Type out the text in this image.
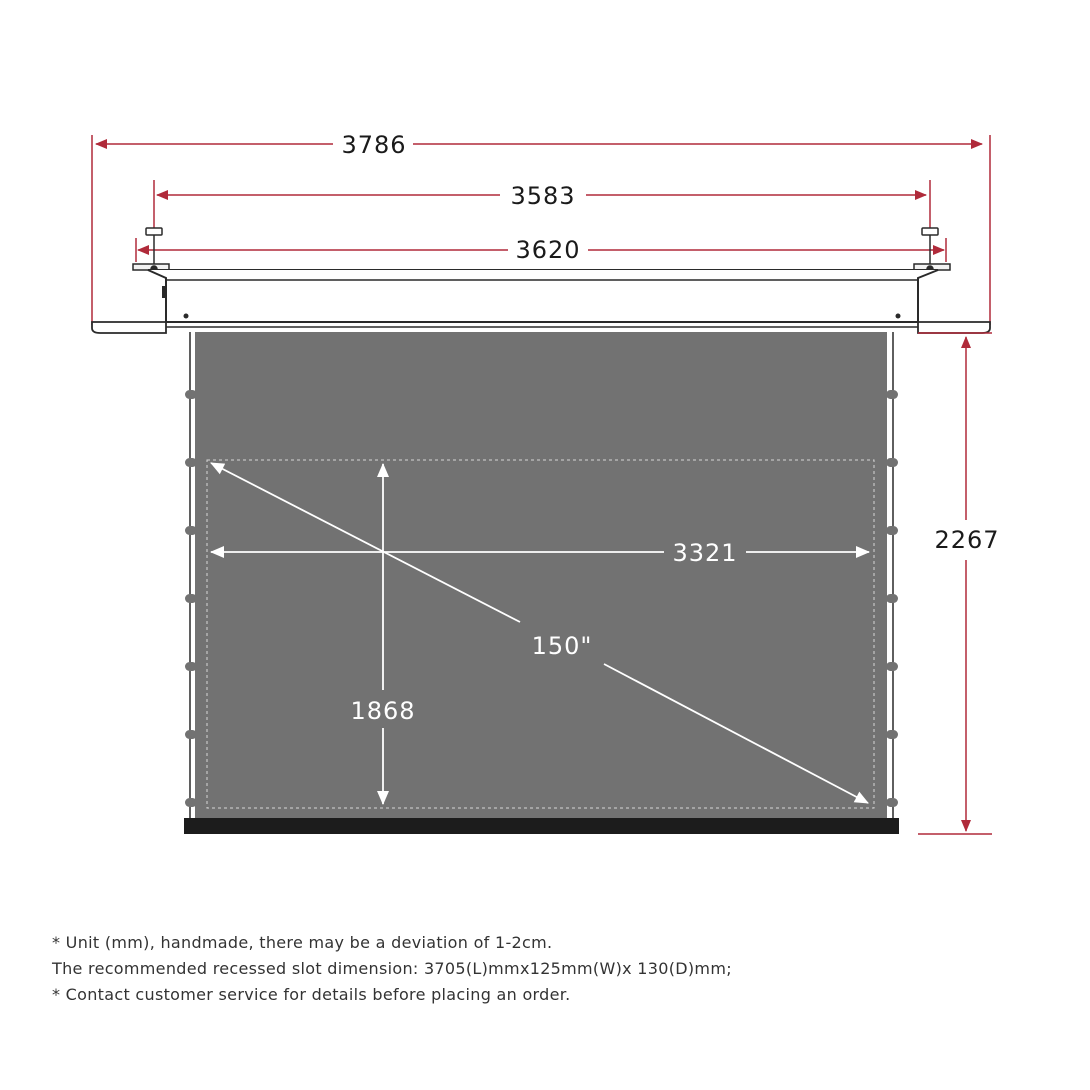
3786
3583
3620
2267
3321
1868
150"
* Unit (mm), handmade, there may be a deviation of 1-2cm.
The recommended recessed slot dimension: 3705(L)mmx125mm(W)x 130(D)mm;
* Contact customer service for details before placing an order.
